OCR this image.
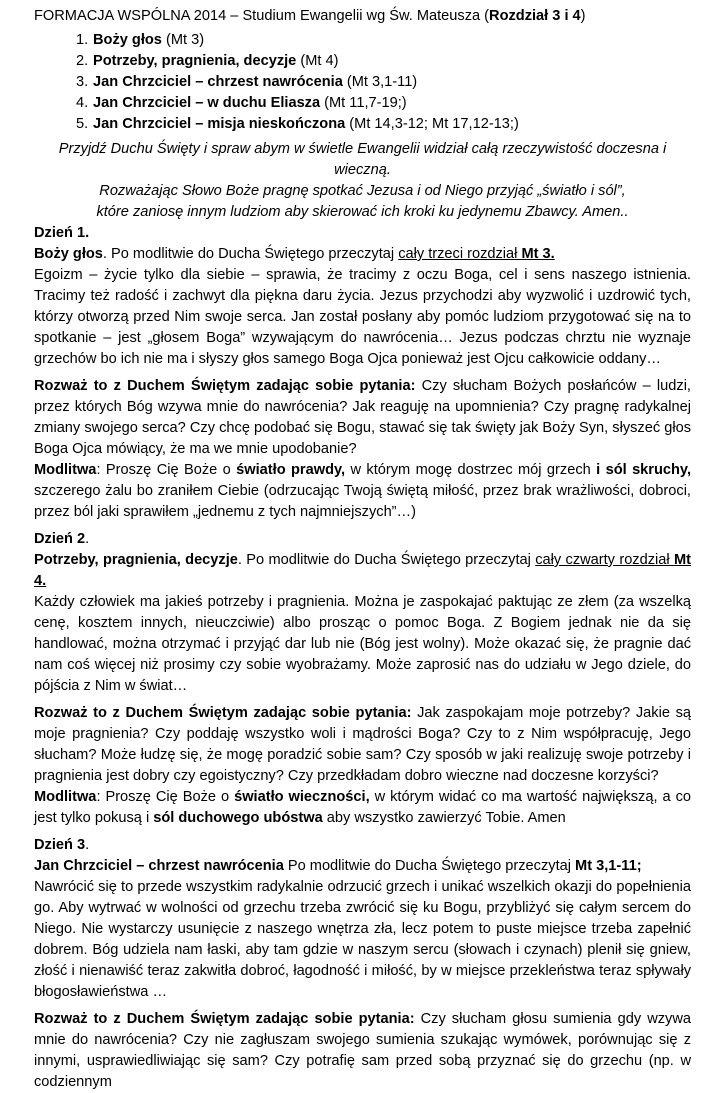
FORMACJA WSPÓLNA 2014 – Studium Ewangelii wg Św. Mateusza (Rozdział 3 i 4)

1. Boży głos (Mt 3)
2. Potrzeby, pragnienia, decyzje (Mt 4)
3. Jan Chrzciciel – chrzest nawrócenia (Mt 3,1-11)
4. Jan Chrzciciel – w duchu Eliasza (Mt 11,7-19;)
5. Jan Chrzciciel – misja nieskończona (Mt 14,3-12; Mt 17,12-13;)

Przyjdź Duchu Święty i spraw abym w świetle Ewangelii widział całą rzeczywistość doczesna i wieczną.

Rozważając Słowo Boże pragnę spotkać Jezusa i od Niego przyjąć „światło i sól”,

które zaniosę innym ludziom aby skierować ich kroki ku jedynemu Zbawcy. Amen..

Dzień 1.

Boży głos. Po modlitwie do Ducha Świętego przeczytaj cały trzeci rozdział Mt 3.

Egoizm – życie tylko dla siebie – sprawia, że tracimy z oczu Boga, cel i sens naszego istnienia. Tracimy też radość i zachwyt dla piękna daru życia. Jezus przychodzi aby wyzwolić i uzdrowić tych, którzy otworzą przed Nim swoje serca. Jan został posłany aby pomóc ludziom przygotować się na to spotkanie – jest „głosem Boga” wzywającym do nawrócenia… Jezus podczas chrztu nie wyznaje grzechów bo ich nie ma i słyszy głos samego Boga Ojca ponieważ jest Ojcu całkowicie oddany…

Rozważ to z Duchem Świętym zadając sobie pytania: Czy słucham Bożych posłańców – ludzi, przez których Bóg wzywa mnie do nawrócenia? Jak reaguję na upomnienia? Czy pragnę radykalnej zmiany swojego serca? Czy chcę podobać się Bogu, stawać się tak święty jak Boży Syn, słyszeć głos Boga Ojca mówiący, że ma we mnie upodobanie?

Modlitwa: Proszę Cię Boże o światło prawdy, w którym mogę dostrzec mój grzech i sól skruchy, szczerego żalu bo zraniłem Ciebie (odrzucając Twoją świętą miłość, przez brak wrażliwości, dobroci, przez ból jaki sprawiłem „jednemu z tych najmniejszych”…)

Dzień 2.

Potrzeby, pragnienia, decyzje. Po modlitwie do Ducha Świętego przeczytaj cały czwarty rozdział Mt 4.

Każdy człowiek ma jakieś potrzeby i pragnienia. Można je zaspokajać paktując ze złem (za wszelką cenę, kosztem innych, nieuczciwie) albo prosząc o pomoc Boga. Z Bogiem jednak nie da się handlować, można otrzymać i przyjąć dar lub nie (Bóg jest wolny). Może okazać się, że pragnie dać nam coś więcej niż prosimy czy sobie wyobrażamy. Może zaprosić nas do udziału w Jego dziele, do pójścia z Nim w świat…

Rozważ to z Duchem Świętym zadając sobie pytania: Jak zaspokajam moje potrzeby? Jakie są moje pragnienia? Czy poddaję wszystko woli i mądrości Boga? Czy to z Nim współpracuję, Jego słucham? Może łudzę się, że mogę poradzić sobie sam? Czy sposób w jaki realizuję swoje potrzeby i pragnienia jest dobry czy egoistyczny? Czy przedkładam dobro wieczne nad doczesne korzyści?

Modlitwa: Proszę Cię Boże o światło wieczności, w którym widać co ma wartość największą, a co jest tylko pokusą i sól duchowego ubóstwa aby wszystko zawierzyć Tobie. Amen

Dzień 3.

Jan Chrzciciel – chrzest nawrócenia Po modlitwie do Ducha Świętego przeczytaj Mt 3,1-11;

Nawrócić się to przede wszystkim radykalnie odrzucić grzech i unikać wszelkich okazji do popełnienia go. Aby wytrwać w wolności od grzechu trzeba zwrócić się ku Bogu, przybliżyć się całym sercem do Niego. Nie wystarczy usunięcie z naszego wnętrza zła, lecz potem to puste miejsce trzeba zapełnić dobrem. Bóg udziela nam łaski, aby tam gdzie w naszym sercu (słowach i czynach) plenił się gniew, złość i nienawiść teraz zakwitła dobroć, łagodność i miłość, by w miejsce przekleństwa teraz spływały błogosławieństwa …

Rozważ to z Duchem Świętym zadając sobie pytania: Czy słucham głosu sumienia gdy wzywa mnie do nawrócenia? Czy nie zagłuszam swojego sumienia szukając wymówek, porównując się z innymi, usprawiedliwiając się sam? Czy potrafię sam przed sobą przyznać się do grzechu (np. w codziennym
